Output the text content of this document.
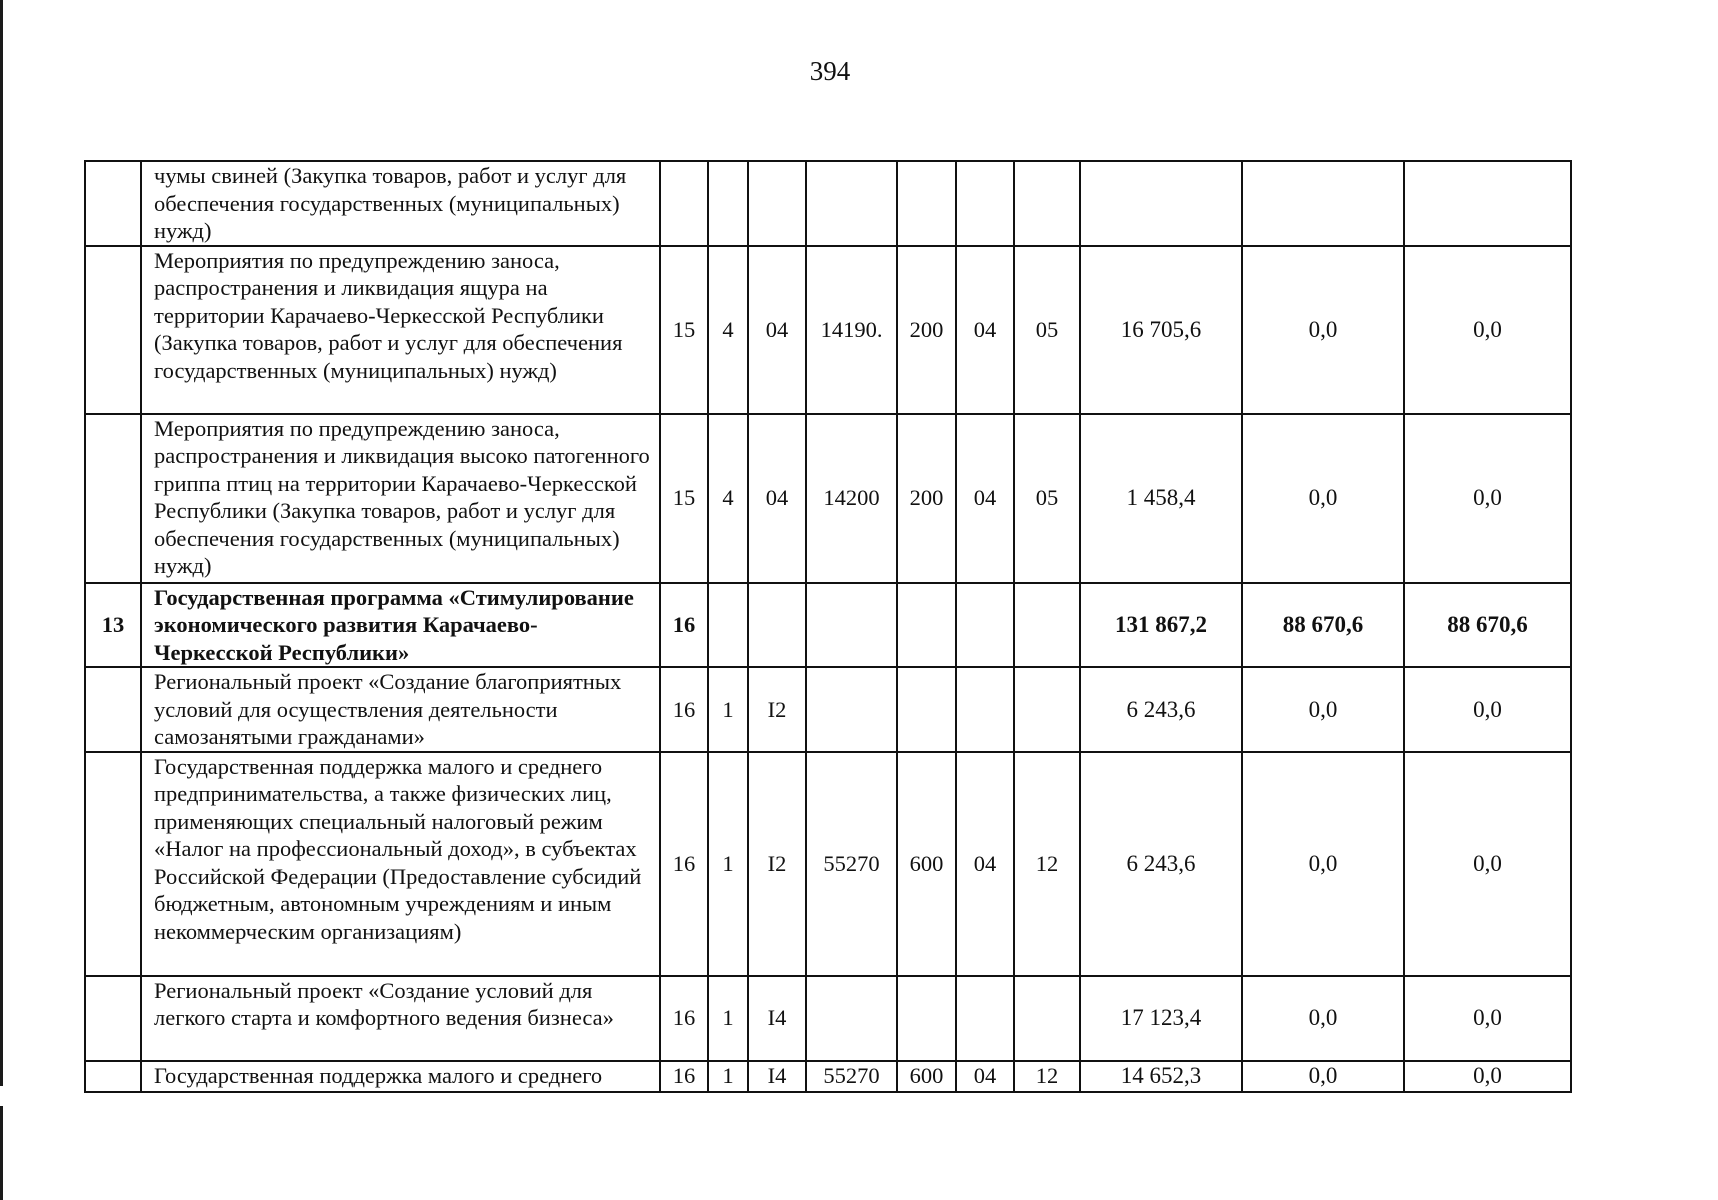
394
	чумы свиней (Закупка товаров, работ и услуг для обеспечения государственных (муниципальных) нужд)										
	Мероприятия по предупреждению заноса, распространения и ликвидация ящура на территории Карачаево-Черкесской Республики (Закупка товаров, работ и услуг для обеспечения государственных (муниципальных) нужд)	15	4	04	14190.	200	04	05	16 705,6	0,0	0,0
	Мероприятия по предупреждению заноса, распространения и ликвидация высоко патогенного гриппа птиц на территории Карачаево-Черкесской Республики (Закупка товаров, работ и услуг для обеспечения государственных (муниципальных) нужд)	15	4	04	14200	200	04	05	1 458,4	0,0	0,0
13	Государственная программа «Стимулирование экономического развития Карачаево-Черкесской Республики»	16							131 867,2	88 670,6	88 670,6
	Региональный проект «Создание благоприятных условий для осуществления деятельности самозанятыми гражданами»	16	1	I2					6 243,6	0,0	0,0
	Государственная поддержка малого и среднего предпринимательства, а также физических лиц, применяющих специальный налоговый режим «Налог на профессиональный доход», в субъектах Российской Федерации (Предоставление субсидий бюджетным, автономным учреждениям и иным некоммерческим организациям)	16	1	I2	55270	600	04	12	6 243,6	0,0	0,0
	Региональный проект «Создание условий для легкого старта и комфортного ведения бизнеса»	16	1	I4					17 123,4	0,0	0,0
	Государственная поддержка малого и среднего	16	1	I4	55270	600	04	12	14 652,3	0,0	0,0
